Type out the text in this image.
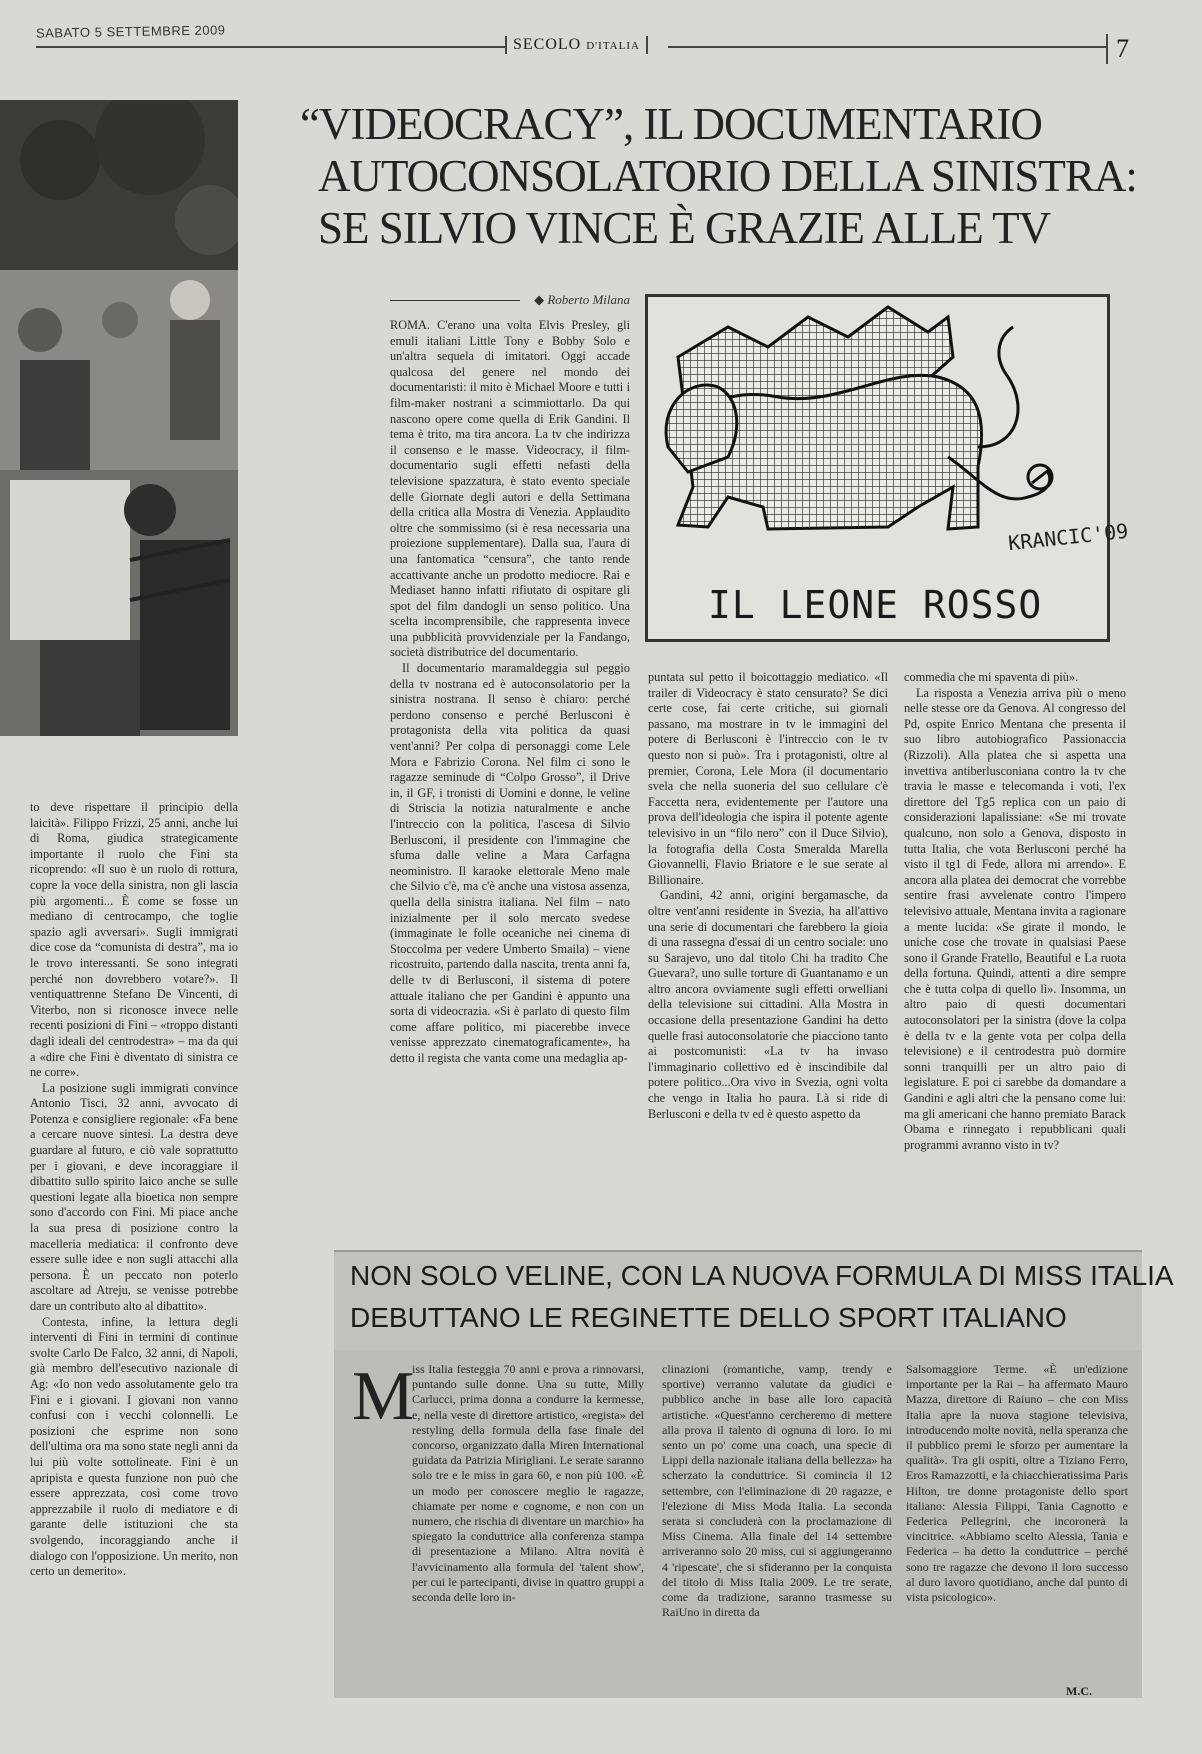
SABATO 5 SETTEMBRE 2009
SECOLO D'ITALIA	7
“VIDEOCRACY”, IL DOCUMENTARIO
AUTOCONSOLATORIO DELLA SINISTRA:
SE SILVIO VINCE È GRAZIE ALLE TV
◆ Roberto Milana

ROMA. C'erano una volta Elvis Presley, gli emuli italiani Little Tony e Bobby Solo e un'altra sequela di imitatori. Oggi accade qualcosa del genere nel mondo dei documentaristi: il mito è Michael Moore e tutti i film-maker nostrani a scimmiottarlo. Da qui nascono opere come quella di Erik Gandini. Il tema è trito, ma tira ancora. La tv che indirizza il consenso e le masse. Videocracy, il film-documentario sugli effetti nefasti della televisione spazzatura, è stato evento speciale delle Giornate degli autori e della Settimana della critica alla Mostra di Venezia. Applaudito oltre che sommissimo (si è resa necessaria una proiezione supplementare). Dalla sua, l'aura di una fantomatica “censura”, che tanto rende accattivante anche un prodotto mediocre. Rai e Mediaset hanno infatti rifiutato di ospitare gli spot del film dandogli un senso politico. Una scelta incomprensibile, che rappresenta invece una pubblicità provvidenziale per la Fandango, società distributrice del documentario.

Il documentario maramaldeggia sul peggio della tv nostrana ed è autoconsolatorio per la sinistra nostrana. Il senso è chiaro: perché perdono consenso e perché Berlusconi è protagonista della vita politica da quasi vent'anni? Per colpa di personaggi come Lele Mora e Fabrizio Corona. Nel film ci sono le ragazze seminude di “Colpo Grosso”, il Drive in, il GF, i tronisti di Uomini e donne, le veline di Striscia la notizia naturalmente e anche l'intreccio con la politica, l'ascesa di Silvio Berlusconi, il presidente con l'immagine che sfuma dalle veline a Mara Carfagna neoministro. Il karaoke elettorale Meno male che Silvio c'è, ma c'è anche una vistosa assenza, quella della sinistra italiana. Nel film – nato inizialmente per il solo mercato svedese (immaginate le folle oceaniche nei cinema di Stoccolma per vedere Umberto Smaila) – viene ricostruito, partendo dalla nascita, trenta anni fa, delle tv di Berlusconi, il sistema di potere attuale italiano che per Gandini è appunto una sorta di videocrazia. «Si è parlato di questo film come affare politico, mi piacerebbe invece venisse apprezzato cinematograficamente», ha detto il regista che vanta come una medaglia ap-

KRANCIC'09
IL LEONE ROSSO

puntata sul petto il boicottaggio mediatico. «Il trailer di Videocracy è stato censurato? Se dici certe cose, fai certe critiche, sui giornali passano, ma mostrare in tv le immagini del potere di Berlusconi è l'intreccio con le tv questo non si può». Tra i protagonisti, oltre al premier, Corona, Lele Mora (il documentario svela che nella suoneria del suo cellulare c'è Faccetta nera, evidentemente per l'autore una prova dell'ideologia che ispira il potente agente televisivo in un “filo nero” con il Duce Silvio), la fotografia della Costa Smeralda Marella Giovannelli, Flavio Briatore e le sue serate al Billionaire.

Gandini, 42 anni, origini bergamasche, da oltre vent'anni residente in Svezia, ha all'attivo una serie di documentari che farebbero la gioia di una rassegna d'essai di un centro sociale: uno su Sarajevo, uno dal titolo Chi ha tradito Che Guevara?, uno sulle torture di Guantanamo e un altro ancora ovviamente sugli effetti orwelliani della televisione sui cittadini. Alla Mostra in occasione della presentazione Gandini ha detto quelle frasi autoconsolatorie che piacciono tanto ai postcomunisti: «La tv ha invaso l'immaginario collettivo ed è inscindibile dal potere politico...Ora vivo in Svezia, ogni volta che vengo in Italia ho paura. Là si ride di Berlusconi e della tv ed è questo aspetto da

commedia che mi spaventa di più».

La risposta a Venezia arriva più o meno nelle stesse ore da Genova. Al congresso del Pd, ospite Enrico Mentana che presenta il suo libro autobiografico Passionaccia (Rizzoli). Alla platea che si aspetta una invettiva antiberlusconiana contro la tv che travia le masse e telecomanda i voti, l'ex direttore del Tg5 replica con un paio di considerazioni lapalissiane: «Se mi trovate qualcuno, non solo a Genova, disposto in tutta Italia, che vota Berlusconi perché ha visto il tg1 di Fede, allora mi arrendo». E ancora alla platea dei democrat che vorrebbe sentire frasi avvelenate contro l'impero televisivo attuale, Mentana invita a ragionare a mente lucida: «Se girate il mondo, le uniche cose che trovate in qualsiasi Paese sono il Grande Fratello, Beautiful e La ruota della fortuna. Quindi, attenti a dire sempre che è tutta colpa di quello lì». Insomma, un altro paio di questi documentari autoconsolatori per la sinistra (dove la colpa è della tv e la gente vota per colpa della televisione) e il centrodestra può dormire sonni tranquilli per un altro paio di legislature. E poi ci sarebbe da domandare a Gandini e agli altri che la pensano come lui: ma gli americani che hanno premiato Barack Obama e rinnegato i repubblicani quali programmi avranno visto in tv?

to deve rispettare il principio della laicità». Filippo Frizzi, 25 anni, anche lui di Roma, giudica strategicamente importante il ruolo che Fini sta ricoprendo: «Il suo è un ruolo di rottura, copre la voce della sinistra, non gli lascia più argomenti... È come se fosse un mediano di centrocampo, che toglie spazio agli avversari». Sugli immigrati dice cose da “comunista di destra”, ma io le trovo interessanti. Se sono integrati perché non dovrebbero votare?». Il ventiquattrenne Stefano De Vincenti, di Viterbo, non si riconosce invece nelle recenti posizioni di Fini – «troppo distanti dagli ideali del centrodestra» – ma da qui a «dire che Fini è diventato di sinistra ce ne corre».

La posizione sugli immigrati convince Antonio Tisci, 32 anni, avvocato di Potenza e consigliere regionale: «Fa bene a cercare nuove sintesi. La destra deve guardare al futuro, e ciò vale soprattutto per i giovani, e deve incoraggiare il dibattito sullo spirito laico anche se sulle questioni legate alla bioetica non sempre sono d'accordo con Fini. Mi piace anche la sua presa di posizione contro la macelleria mediatica: il confronto deve essere sulle idee e non sugli attacchi alla persona. È un peccato non poterlo ascoltare ad Atreju, se venisse potrebbe dare un contributo alto al dibattito».

Contesta, infine, la lettura degli interventi di Fini in termini di continue svolte Carlo De Falco, 32 anni, di Napoli, già membro dell'esecutivo nazionale di Ag: «Io non vedo assolutamente gelo tra Fini e i giovani. I giovani non vanno confusi con i vecchi colonnelli. Le posizioni che esprime non sono dell'ultima ora ma sono state negli anni da lui più volte sottolineate. Fini è un apripista e questa funzione non può che essere apprezzata, così come trovo apprezzabile il ruolo di mediatore e di garante delle istituzioni che sta svolgendo, incoraggiando anche il dialogo con l'opposizione. Un merito, non certo un demerito».

NON SOLO VELINE, CON LA NUOVA FORMULA DI MISS ITALIA
DEBUTTANO LE REGINETTE DELLO SPORT ITALIANO
M

iss Italia festeggia 70 anni e prova a rinnovarsi, puntando sulle donne. Una su tutte, Milly Carlucci, prima donna a condurre la kermesse, e, nella veste di direttore artistico, «regista» del restyling della formula della fase finale del concorso, organizzato dalla Miren International guidata da Patrizia Mirigliani. Le serate saranno solo tre e le miss in gara 60, e non più 100. «È un modo per conoscere meglio le ragazze, chiamate per nome e cognome, e non con un numero, che rischia di diventare un marchio» ha spiegato la conduttrice alla conferenza stampa di presentazione a Milano. Altra novità è l'avvicinamento alla formula del 'talent show', per cui le partecipanti, divise in quattro gruppi a seconda delle loro in-

clinazioni (romantiche, vamp, trendy e sportive) verranno valutate da giudici e pubblico anche in base alle loro capacità artistiche. «Quest'anno cercheremo di mettere alla prova il talento di ognuna di loro. Io mi sento un po' come una coach, una specie di Lippi della nazionale italiana della bellezza» ha scherzato la conduttrice. Si comincia il 12 settembre, con l'eliminazione di 20 ragazze, e l'elezione di Miss Moda Italia. La seconda serata si concluderà con la proclamazione di Miss Cinema. Alla finale del 14 settembre arriveranno solo 20 miss, cui si aggiungeranno 4 'ripescate', che si sfideranno per la conquista del titolo di Miss Italia 2009. Le tre serate, come da tradizione, saranno trasmesse su RaiUno in diretta da

Salsomaggiore Terme. «È un'edizione importante per la Rai – ha affermato Mauro Mazza, direttore di Raiuno – che con Miss Italia apre la nuova stagione televisiva, introducendo molte novità, nella speranza che il pubblico premi le sforzo per aumentare la qualità». Tra gli ospiti, oltre a Tiziano Ferro, Eros Ramazzotti, e la chiacchieratissima Paris Hilton, tre donne protagoniste dello sport italiano: Alessia Filippi, Tania Cagnotto e Federica Pellegrini, che incoronerà la vincitrice. «Abbiamo scelto Alessia, Tania e Federica – ha detto la conduttrice – perché sono tre ragazze che devono il loro successo al duro lavoro quotidiano, anche dal punto di vista psicologico».

M.C.
